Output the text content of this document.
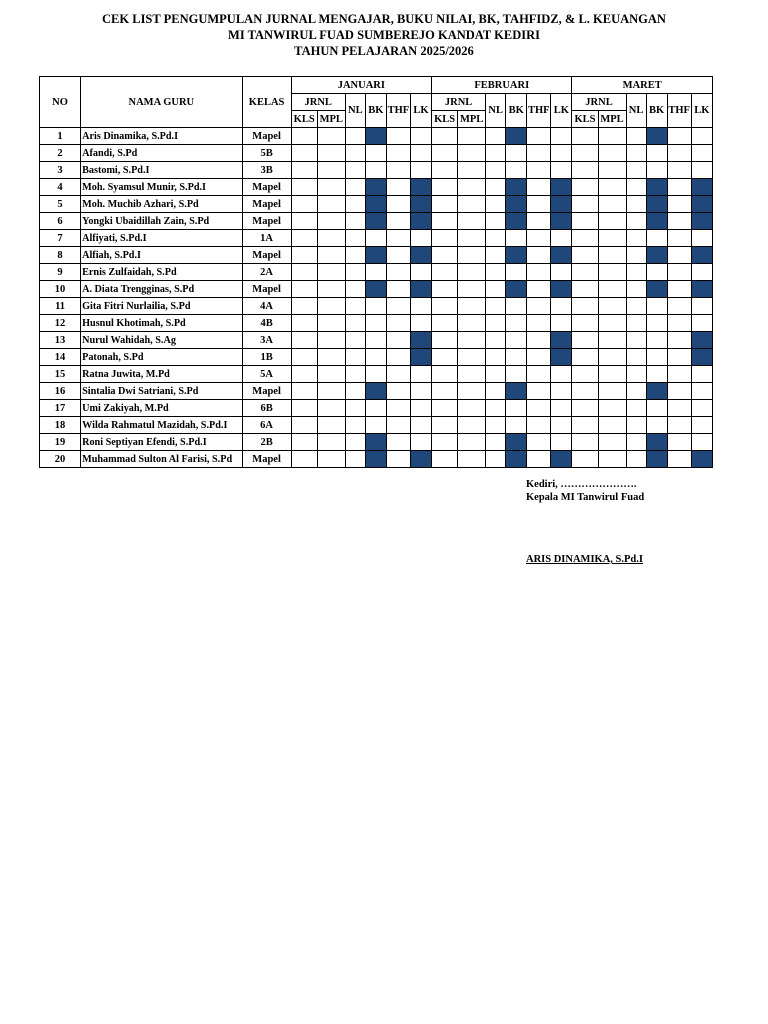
CEK LIST PENGUMPULAN JURNAL MENGAJAR, BUKU NILAI, BK, TAHFIDZ, & L. KEUANGAN
MI TANWIRUL FUAD SUMBEREJO KANDAT KEDIRI
TAHUN PELAJARAN 2025/2026
NO	NAMA GURU	KELAS	JANUARI						FEBRUARI						MARET					
			JRNL		NL	BK	THF	LK	JRNL		NL	BK	THF	LK	JRNL		NL	BK	THF	LK
			KLS	MPL					KLS	MPL					KLS	MPL				
1	Aris Dinamika, S.Pd.I	Mapel																		
2	Afandi, S.Pd	5B																		
3	Bastomi, S.Pd.I	3B																		
4	Moh. Syamsul Munir, S.Pd.I	Mapel																		
5	Moh. Muchib Azhari, S.Pd	Mapel																		
6	Yongki Ubaidillah Zain, S.Pd	Mapel																		
7	Alfiyati, S.Pd.I	1A																		
8	Alfiah, S.Pd.I	Mapel																		
9	Ernis Zulfaidah, S.Pd	2A																		
10	A. Diata Trengginas, S.Pd	Mapel																		
11	Gita Fitri Nurlailia, S.Pd	4A																		
12	Husnul Khotimah, S.Pd	4B																		
13	Nurul Wahidah, S.Ag	3A																		
14	Patonah, S.Pd	1B																		
15	Ratna Juwita, M.Pd	5A																		
16	Sintalia Dwi Satriani, S.Pd	Mapel																		
17	Umi Zakiyah, M.Pd	6B																		
18	Wilda Rahmatul Mazidah, S.Pd.I	6A																		
19	Roni Septiyan Efendi, S.Pd.I	2B																		
20	Muhammad Sulton Al Farisi, S.Pd	Mapel																		
Kediri, ………………….
Kepala MI Tanwirul Fuad
ARIS DINAMIKA, S.Pd.I
